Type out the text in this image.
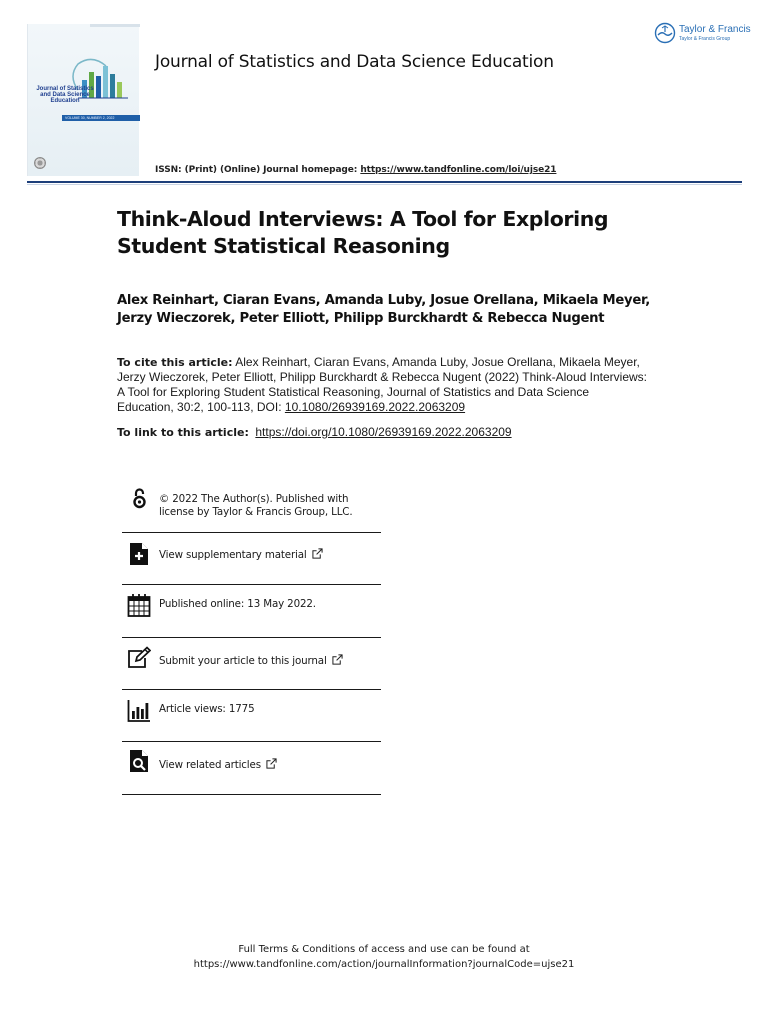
Journal of Statistics and Data Science Education
VOLUME 30, NUMBER 2, 2022
Journal of Statistics and Data Science Education
Taylor & Francis
Taylor & Francis Group
ISSN: (Print) (Online) Journal homepage: https://www.tandfonline.com/loi/ujse21
Think-Aloud Interviews: A Tool for Exploring Student Statistical Reasoning
Alex Reinhart, Ciaran Evans, Amanda Luby, Josue Orellana, Mikaela Meyer, Jerzy Wieczorek, Peter Elliott, Philipp Burckhardt & Rebecca Nugent
To cite this article: Alex Reinhart, Ciaran Evans, Amanda Luby, Josue Orellana, Mikaela Meyer, Jerzy Wieczorek, Peter Elliott, Philipp Burckhardt & Rebecca Nugent (2022) Think-Aloud Interviews: A Tool for Exploring Student Statistical Reasoning, Journal of Statistics and Data Science Education, 30:2, 100-113, DOI: 10.1080/26939169.2022.2063209
To link to this article: https://doi.org/10.1080/26939169.2022.2063209
© 2022 The Author(s). Published with
license by Taylor & Francis Group, LLC.
View supplementary material
Published online: 13 May 2022.
Submit your article to this journal
Article views: 1775
View related articles
Full Terms & Conditions of access and use can be found at
https://www.tandfonline.com/action/journalInformation?journalCode=ujse21
